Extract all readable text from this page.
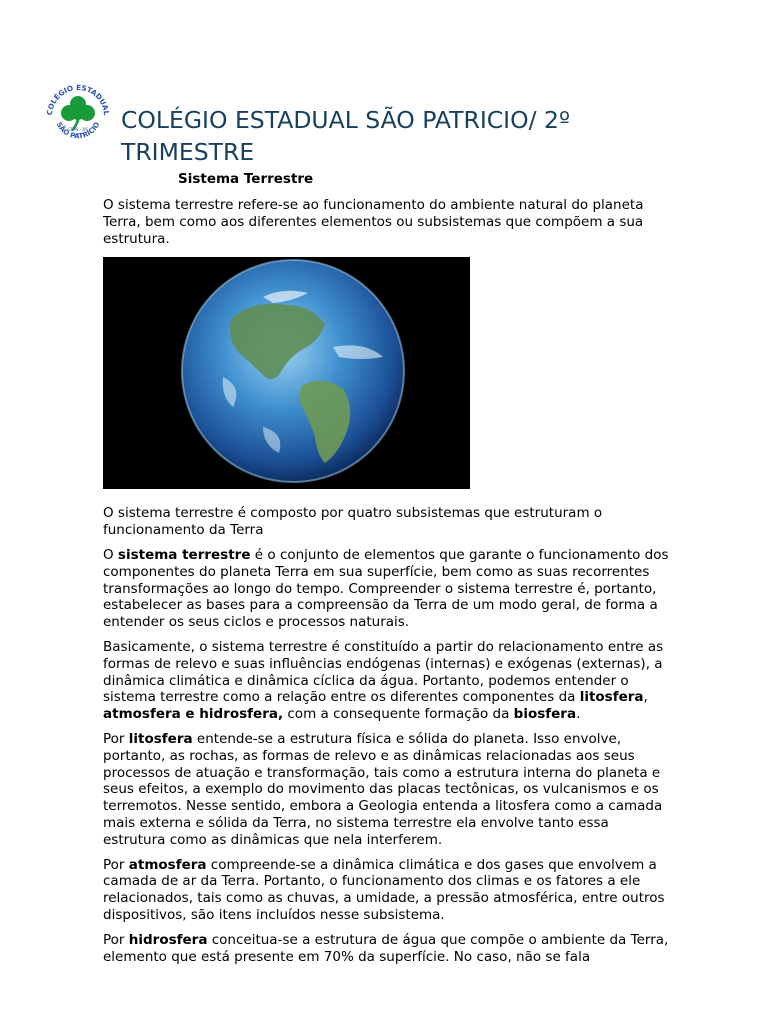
COLÉGIO ESTADUAL
SÃO PATRICIO
CEPS - RS COLÉGIO ESTADUAL SÃO PATRICIO/ 2º TRIMESTRE
Sistema Terrestre

O sistema terrestre refere-se ao funcionamento do ambiente natural do planeta Terra, bem como aos diferentes elementos ou subsistemas que compõem a sua estrutura.

O sistema terrestre é composto por quatro subsistemas que estruturam o funcionamento da Terra

O sistema terrestre é o conjunto de elementos que garante o funcionamento dos componentes do planeta Terra em sua superfície, bem como as suas recorrentes transformações ao longo do tempo. Compreender o sistema terrestre é, portanto, estabelecer as bases para a compreensão da Terra de um modo geral, de forma a entender os seus ciclos e processos naturais.

Basicamente, o sistema terrestre é constituído a partir do relacionamento entre as formas de relevo e suas influências endógenas (internas) e exógenas (externas), a dinâmica climática e dinâmica cíclica da água. Portanto, podemos entender o sistema terrestre como a relação entre os diferentes componentes da litosfera, atmosfera e hidrosfera, com a consequente formação da biosfera.

Por litosfera entende-se a estrutura física e sólida do planeta. Isso envolve, portanto, as rochas, as formas de relevo e as dinâmicas relacionadas aos seus processos de atuação e transformação, tais como a estrutura interna do planeta e seus efeitos, a exemplo do movimento das placas tectônicas, os vulcanismos e os terremotos. Nesse sentido, embora a Geologia entenda a litosfera como a camada mais externa e sólida da Terra, no sistema terrestre ela envolve tanto essa estrutura como as dinâmicas que nela interferem.

Por atmosfera compreende-se a dinâmica climática e dos gases que envolvem a camada de ar da Terra. Portanto, o funcionamento dos climas e os fatores a ele relacionados, tais como as chuvas, a umidade, a pressão atmosférica, entre outros dispositivos, são itens incluídos nesse subsistema.

Por hidrosfera conceitua-se a estrutura de água que compõe o ambiente da Terra, elemento que está presente em 70% da superfície. No caso, não se fala
